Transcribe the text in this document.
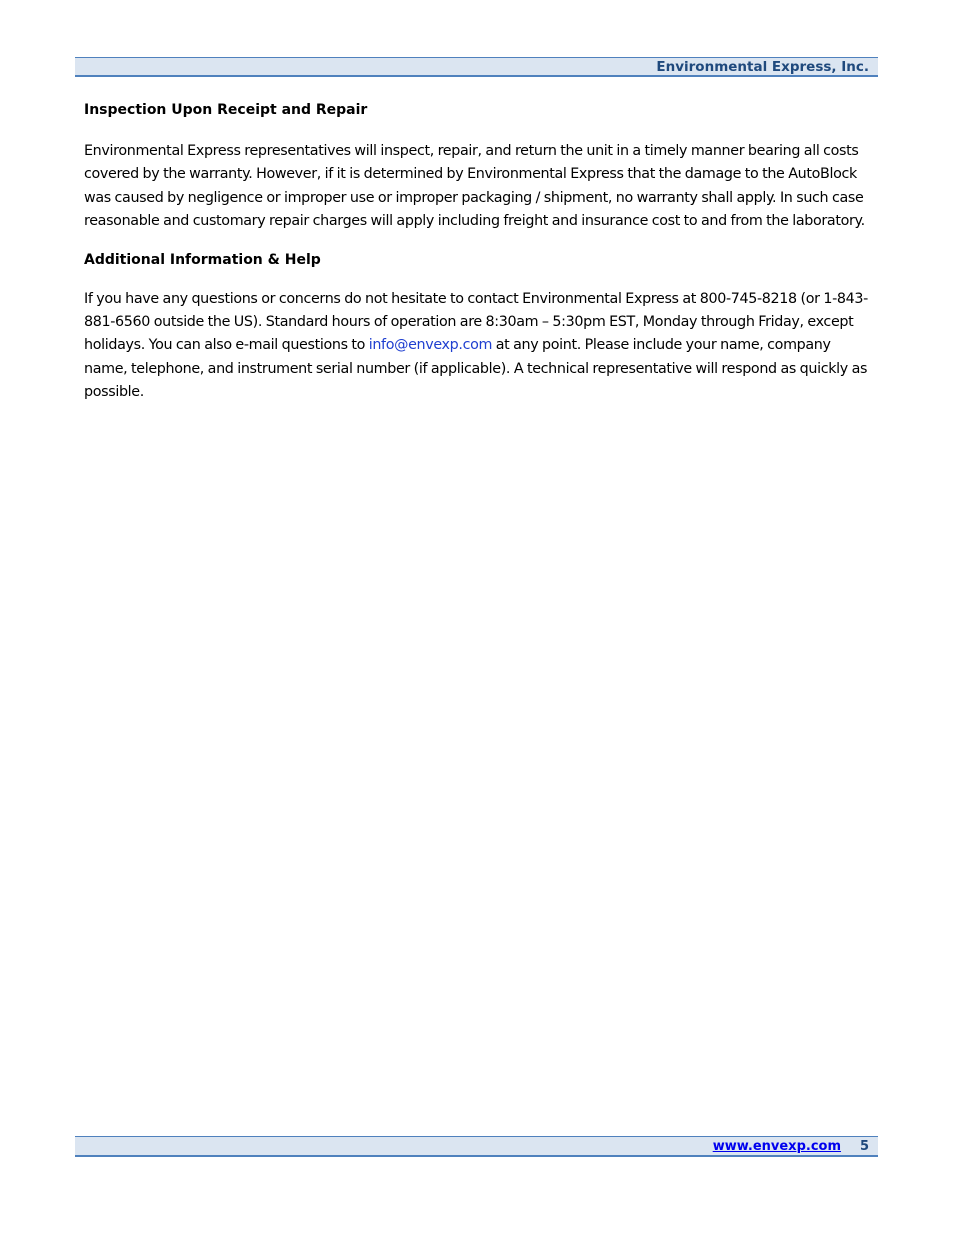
Environmental Express, Inc.

Inspection Upon Receipt and Repair

Environmental Express representatives will inspect, repair, and return the unit in a timely manner bearing all costs covered by the warranty. However, if it is determined by Environmental Express that the damage to the AutoBlock was caused by negligence or improper use or improper packaging / shipment, no warranty shall apply. In such case reasonable and customary repair charges will apply including freight and insurance cost to and from the laboratory.

Additional Information & Help

If you have any questions or concerns do not hesitate to contact Environmental Express at 800-745-8218 (or 1-843-881-6560 outside the US). Standard hours of operation are 8:30am – 5:30pm EST, Monday through Friday, except holidays. You can also e-mail questions to info@envexp.com at any point. Please include your name, company name, telephone, and instrument serial number (if applicable). A technical representative will respond as quickly as possible.

www.envexp.com 5
